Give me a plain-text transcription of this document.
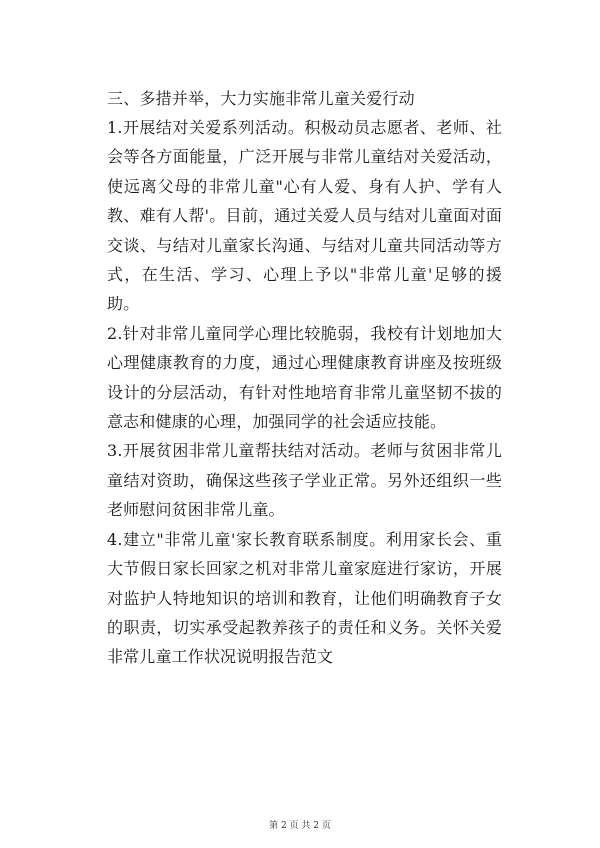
三、多措并举，大力实施非常儿童关爱行动

1.开展结对关爱系列活动。积极动员志愿者、老师、社会等各方面能量，广泛开展与非常儿童结对关爱活动，使远离父母的非常儿童"心有人爱、身有人护、学有人教、难有人帮'。目前，通过关爱人员与结对儿童面对面交谈、与结对儿童家长沟通、与结对儿童共同活动等方式，在生活、学习、心理上予以"非常儿童'足够的援助。

2.针对非常儿童同学心理比较脆弱，我校有计划地加大心理健康教育的力度，通过心理健康教育讲座及按班级设计的分层活动，有针对性地培育非常儿童坚韧不拔的意志和健康的心理，加强同学的社会适应技能。

3.开展贫困非常儿童帮扶结对活动。老师与贫困非常儿童结对资助，确保这些孩子学业正常。另外还组织一些老师慰问贫困非常儿童。

4.建立"非常儿童'家长教育联系制度。利用家长会、重大节假日家长回家之机对非常儿童家庭进行家访，开展对监护人特地知识的培训和教育，让他们明确教育子女的职责，切实承受起教养孩子的责任和义务。关怀关爱非常儿童工作状况说明报告范文

第 2 页 共 2 页
